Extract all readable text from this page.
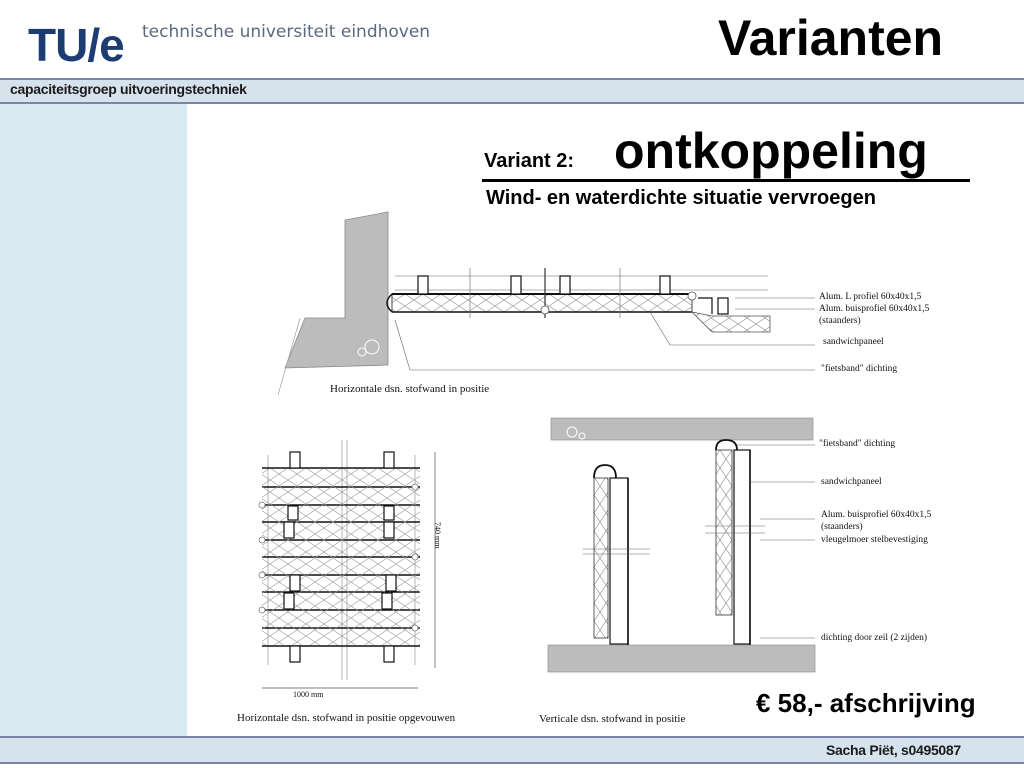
TU/e technische universiteit eindhoven	Varianten
capaciteitsgroep uitvoeringstechniek
Variant 2: ontkoppeling
Wind- en waterdichte situatie vervroegen
Alum. L profiel 60x40x1,5
Alum. buisprofiel 60x40x1,5
(staanders)
sandwichpaneel
"fietsband" dichting
Horizontale dsn. stofwand in positie
740 mm
1000 mm
Horizontale dsn. stofwand in positie opgevouwen
"fietsband" dichting
sandwichpaneel
Alum. buisprofiel 60x40x1,5
(staanders)
vleugelmoer stelbevestiging
dichting door zeil (2 zijden)
Verticale dsn. stofwand in positie
€ 58,- afschrijving
Sacha Piët, s0495087
